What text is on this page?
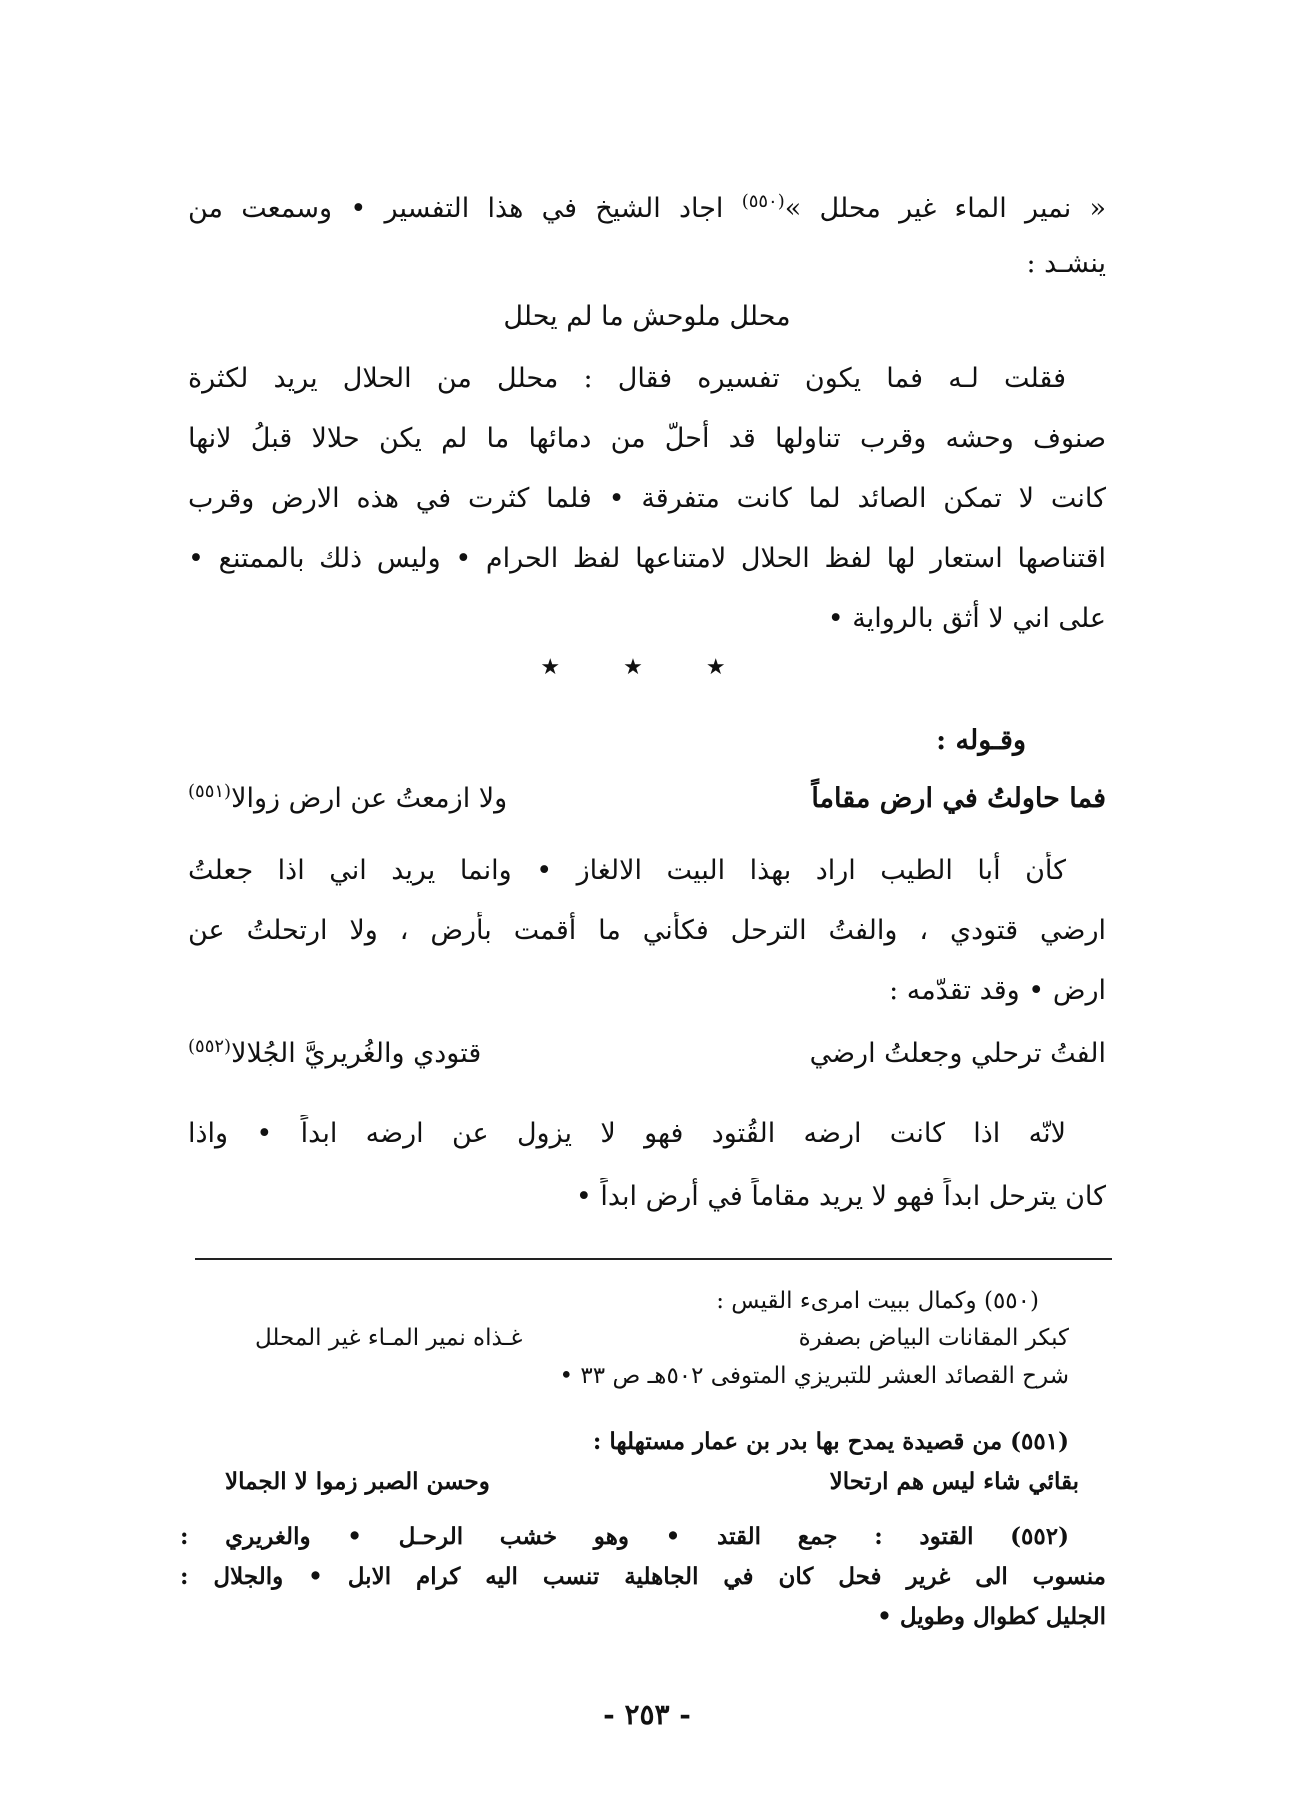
« نمير الماء غير محلل »$^{(٥٥٠)}$ اجاد الشيخ في هذا التفسير • وسمعت من
ينشـد :
محلل ملوحش ما لم يحلل
فقلت لـه فما يكون تفسيره فقال : محلل من الحلال يريد لكثرة
صنوف وحشه وقرب تناولها قد أحلّ من دمائها ما لم يكن حلالا قبلُ لانها
كانت لا تمكن الصائد لما كانت متفرقة • فلما كثرت في هذه الارض وقرب
اقتناصها استعار لها لفظ الحلال لامتناعها لفظ الحرام • وليس ذلك بالممتنع •
على اني لا أثق بالرواية •
★ ★ ★
وقـوله :
فما حاولتُ في ارض مقاماً
ولا ازمعتُ عن ارض زوالا$^{(٥٥١)}$
كأن أبا الطيب اراد بهذا البيت الالغاز • وانما يريد اني اذا جعلتُ
ارضي قتودي ، والفتُ الترحل فكأني ما أقمت بأرض ، ولا ارتحلتُ عن
ارض • وقد تقدّمه :
الفتُ ترحلي وجعلتُ ارضي
قتودي والغُريريَّ الجُلالا$^{(٥٥٢)}$
لانّه اذا كانت ارضه القُتود فهو لا يزول عن ارضه ابداً • واذا
كان يترحل ابداً فهو لا يريد مقاماً في أرض ابداً •
(٥٥٠) وكمال ببيت امرىء القيس :
كبكر المقانات البياض بصفرة
غـذاه نمير المـاء غير المحلل
شرح القصائد العشر للتبريزي المتوفى ٥٠٢هـ ص ٣٣ •
(٥٥١) من قصيدة يمدح بها بدر بن عمار مستهلها :
بقائي شاء ليس هم ارتحالا
وحسن الصبر زموا لا الجمالا
(٥٥٢) القتود : جمع القتد • وهو خشب الرحـل • والغريري :
منسوب الى غرير فحل كان في الجاهلية تنسب اليه كرام الابل • والجلال :
الجليل كطوال وطويل •
- ٢٥٣ -
